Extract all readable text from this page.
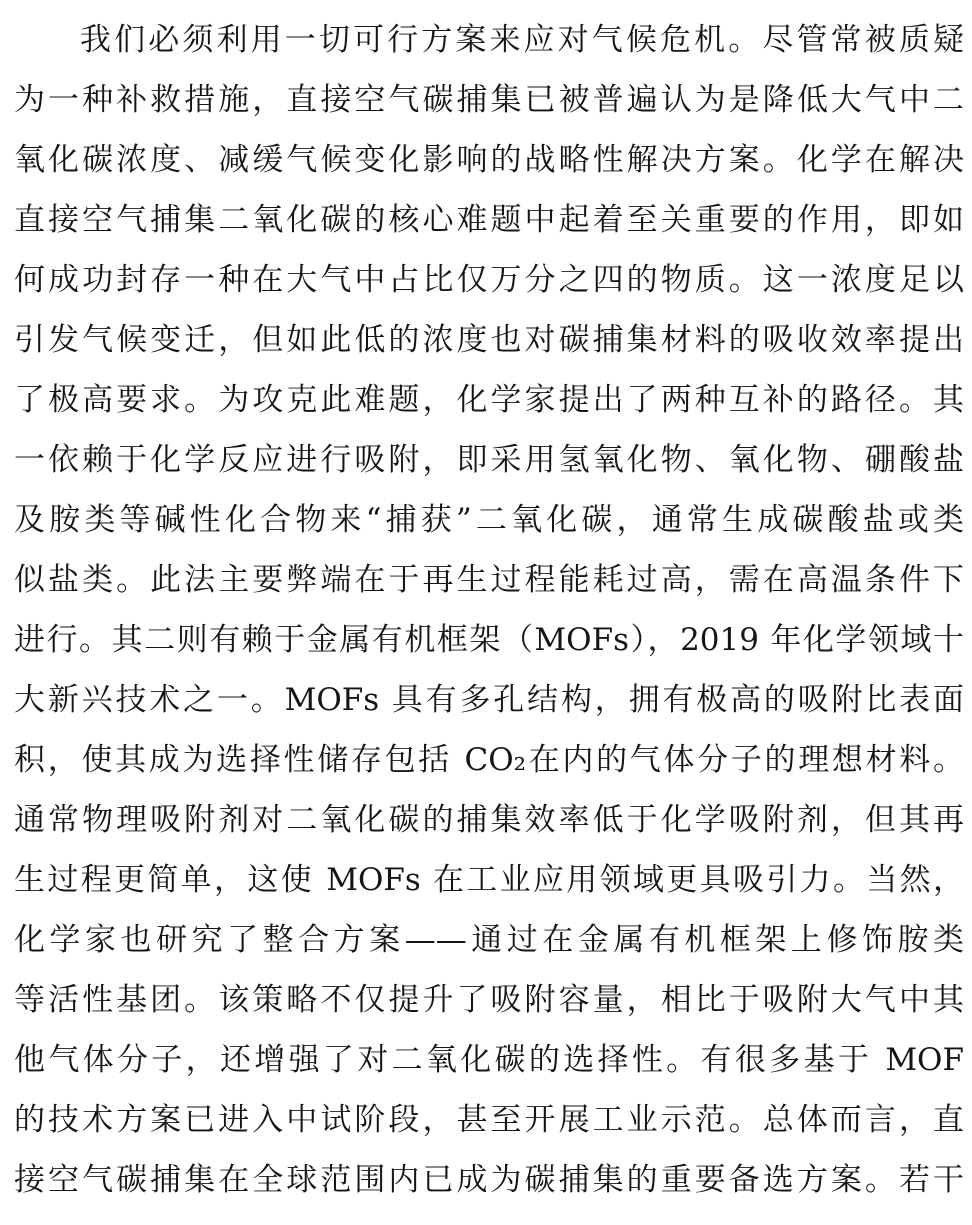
我们必须利用一切可行方案来应对气候危机。尽管常被质疑
为一种补救措施，直接空气碳捕集已被普遍认为是降低大气中二
氧化碳浓度、减缓气候变化影响的战略性解决方案。化学在解决
直接空气捕集二氧化碳的核心难题中起着至关重要的作用，即如
何成功封存一种在大气中占比仅万分之四的物质。这一浓度足以
引发气候变迁，但如此低的浓度也对碳捕集材料的吸收效率提出
了极高要求。为攻克此难题，化学家提出了两种互补的路径。其
一依赖于化学反应进行吸附，即采用氢氧化物、氧化物、硼酸盐
及胺类等碱性化合物来“捕获”二氧化碳，通常生成碳酸盐或类
似盐类。此法主要弊端在于再生过程能耗过高，需在高温条件下
进行。其二则有赖于金属有机框架（MOFs），2019 年化学领域十
大新兴技术之一。MOFs 具有多孔结构，拥有极高的吸附比表面
积，使其成为选择性储存包括 CO₂在内的气体分子的理想材料。
通常物理吸附剂对二氧化碳的捕集效率低于化学吸附剂，但其再
生过程更简单，这使 MOFs 在工业应用领域更具吸引力。当然，
化学家也研究了整合方案——通过在金属有机框架上修饰胺类
等活性基团。该策略不仅提升了吸附容量，相比于吸附大气中其
他气体分子，还增强了对二氧化碳的选择性。有很多基于 MOF
的技术方案已进入中试阶段，甚至开展工业示范。总体而言，直
接空气碳捕集在全球范围内已成为碳捕集的重要备选方案。若干
